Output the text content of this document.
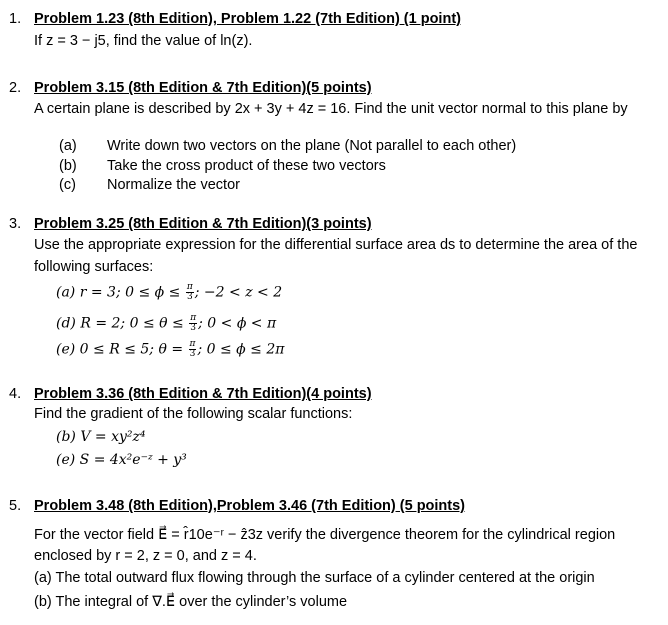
1. Problem 1.23 (8th Edition), Problem 1.22 (7th Edition) (1 point)
If z = 3 − j5, find the value of ln(z).
2. Problem 3.15 (8th Edition & 7th Edition)(5 points)
A certain plane is described by 2x + 3y + 4z = 16. Find the unit vector normal to this plane by
(a) Write down two vectors on the plane (Not parallel to each other)
(b) Take the cross product of these two vectors
(c) Normalize the vector
3. Problem 3.25 (8th Edition & 7th Edition)(3 points)
Use the appropriate expression for the differential surface area ds to determine the area of the
following surfaces:
(a) r = 3; $0 \le \phi \le \frac{\pi}{3}$ ; −2 < z < 2
(d) R = 2; $0 \le \theta \le \frac{\pi}{3}$ ; 0 < ϕ < π
(e) 0 ≤ R ≤ 5; $\theta = \frac{\pi}{3}$ ; 0 ≤ ϕ ≤ 2π
4. Problem 3.36 (8th Edition & 7th Edition)(4 points)
Find the gradient of the following scalar functions:
(b) V = xy²z⁴
(e) S = 4x²e⁻ᶻ + y³
5. Problem 3.48 (8th Edition),Problem 3.46 (7th Edition) (5 points)
For the vector field E⃗ = r̂10e⁻ʳ − ẑ3z verify the divergence theorem for the cylindrical region
enclosed by r = 2, z = 0, and z = 4.
(a) The total outward flux flowing through the surface of a cylinder centered at the origin
(b) The integral of ∇.E⃗ over the cylinder’s volume
